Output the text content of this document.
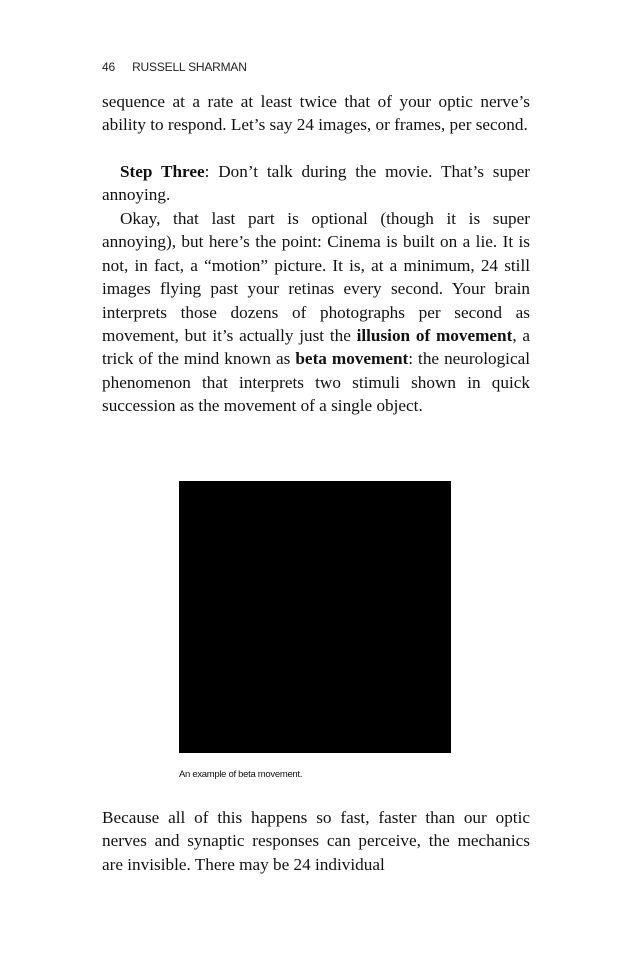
46 RUSSELL SHARMAN

sequence at a rate at least twice that of your optic nerve’s ability to respond. Let’s say 24 images, or frames, per second.

Step Three: Don’t talk during the movie. That’s super annoying.

Okay, that last part is optional (though it is super annoying), but here’s the point: Cinema is built on a lie. It is not, in fact, a “motion” picture. It is, at a minimum, 24 still images flying past your retinas every second. Your brain interprets those dozens of photographs per second as movement, but it’s actually just the illusion of movement, a trick of the mind known as beta movement: the neurological phenomenon that interprets two stimuli shown in quick succession as the movement of a single object.

An example of beta movement.

Because all of this happens so fast, faster than our optic nerves and synaptic responses can perceive, the mechanics are invisible. There may be 24 individual
